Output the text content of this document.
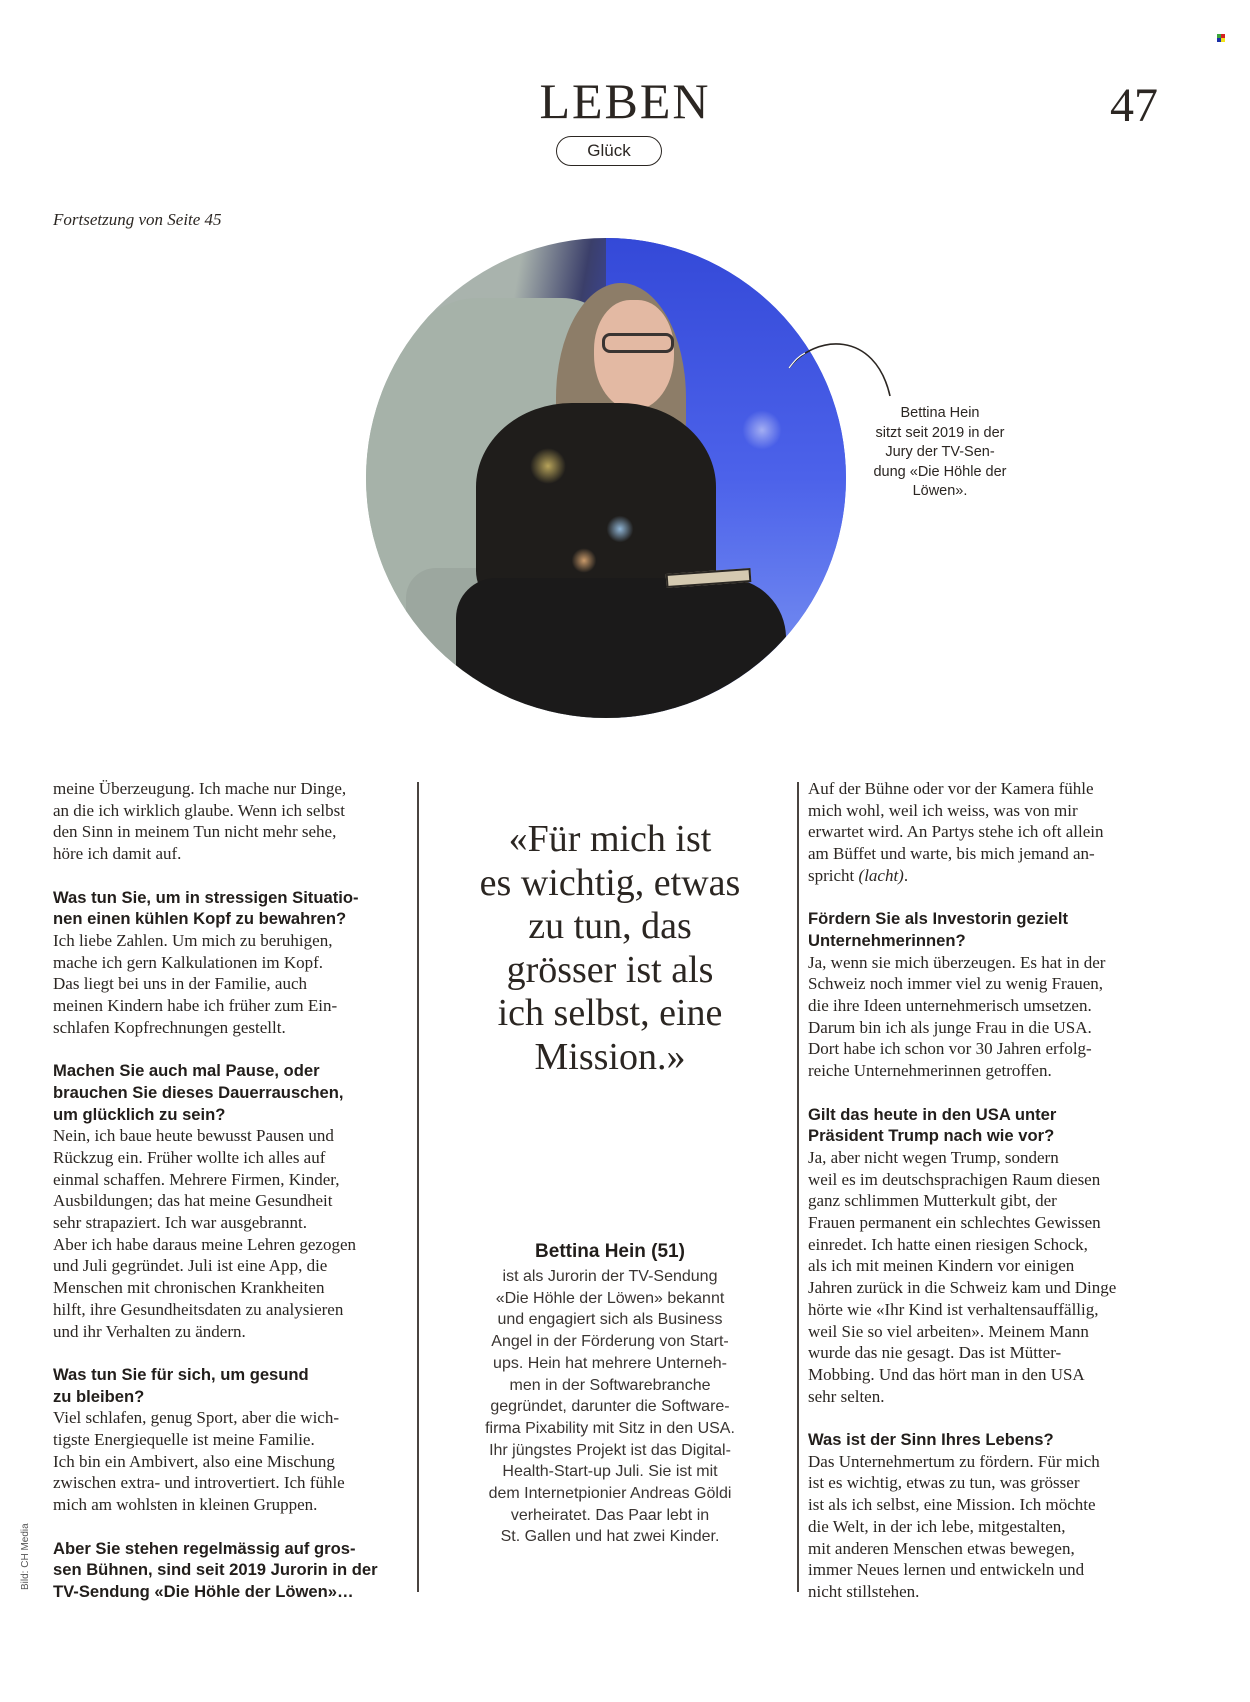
LEBEN
Glück
47
Fortsetzung von Seite 45
Bettina Hein
sitzt seit 2019 in der
Jury der TV-Sen-
dung «Die Höhle der
Löwen».
meine Überzeugung. Ich mache nur Dinge,
an die ich wirklich glaube. Wenn ich selbst
den Sinn in meinem Tun nicht mehr sehe,
höre ich damit auf.
Was tun Sie, um in stressigen Situatio-
nen einen kühlen Kopf zu bewahren?
Ich liebe Zahlen. Um mich zu beruhigen,
mache ich gern Kalkulationen im Kopf.
Das liegt bei uns in der Familie, auch
meinen Kindern habe ich früher zum Ein-
schlafen Kopfrechnungen gestellt.
Machen Sie auch mal Pause, oder
brauchen Sie dieses Dauerrauschen,
um glücklich zu sein?
Nein, ich baue heute bewusst Pausen und
Rückzug ein. Früher wollte ich alles auf
einmal schaffen. Mehrere Firmen, Kinder,
Ausbildungen; das hat meine Gesundheit
sehr strapaziert. Ich war ausgebrannt.
Aber ich habe daraus meine Lehren gezogen
und Juli gegründet. Juli ist eine App, die
Menschen mit chronischen Krankheiten
hilft, ihre Gesundheitsdaten zu analysieren
und ihr Verhalten zu ändern.
Was tun Sie für sich, um gesund
zu bleiben?
Viel schlafen, genug Sport, aber die wich-
tigste Energiequelle ist meine Familie.
Ich bin ein Ambivert, also eine Mischung
zwischen extra- und introvertiert. Ich fühle
mich am wohlsten in kleinen Gruppen.
Aber Sie stehen regelmässig auf gros-
sen Bühnen, sind seit 2019 Jurorin in der
TV-Sendung «Die Höhle der Löwen»…
«Für mich ist
es wichtig, etwas
zu tun, das
grösser ist als
ich selbst, eine
Mission.»
Bettina Hein (51)
ist als Jurorin der TV-Sendung
«Die Höhle der Löwen» bekannt
und engagiert sich als Business
Angel in der Förderung von Start-
ups. Hein hat mehrere Unterneh-
men in der Softwarebranche
gegründet, darunter die Software-
firma Pixability mit Sitz in den USA.
Ihr jüngstes Projekt ist das Digital-
Health-Start-up Juli. Sie ist mit
dem Internetpionier Andreas Göldi
verheiratet. Das Paar lebt in
St. Gallen und hat zwei Kinder.
Auf der Bühne oder vor der Kamera fühle
mich wohl, weil ich weiss, was von mir
erwartet wird. An Partys stehe ich oft allein
am Büffet und warte, bis mich jemand an-
spricht (lacht).
Fördern Sie als Investorin gezielt
Unternehmerinnen?
Ja, wenn sie mich überzeugen. Es hat in der
Schweiz noch immer viel zu wenig Frauen,
die ihre Ideen unternehmerisch umsetzen.
Darum bin ich als junge Frau in die USA.
Dort habe ich schon vor 30 Jahren erfolg-
reiche Unternehmerinnen getroffen.
Gilt das heute in den USA unter
Präsident Trump nach wie vor?
Ja, aber nicht wegen Trump, sondern
weil es im deutschsprachigen Raum diesen
ganz schlimmen Mutterkult gibt, der
Frauen permanent ein schlechtes Gewissen
einredet. Ich hatte einen riesigen Schock,
als ich mit meinen Kindern vor einigen
Jahren zurück in die Schweiz kam und Dinge
hörte wie «Ihr Kind ist verhaltensauffällig,
weil Sie so viel arbeiten». Meinem Mann
wurde das nie gesagt. Das ist Mütter-
Mobbing. Und das hört man in den USA
sehr selten.
Was ist der Sinn Ihres Lebens?
Das Unternehmertum zu fördern. Für mich
ist es wichtig, etwas zu tun, was grösser
ist als ich selbst, eine Mission. Ich möchte
die Welt, in der ich lebe, mitgestalten,
mit anderen Menschen etwas bewegen,
immer Neues lernen und entwickeln und
nicht stillstehen.
Bild: CH Media
